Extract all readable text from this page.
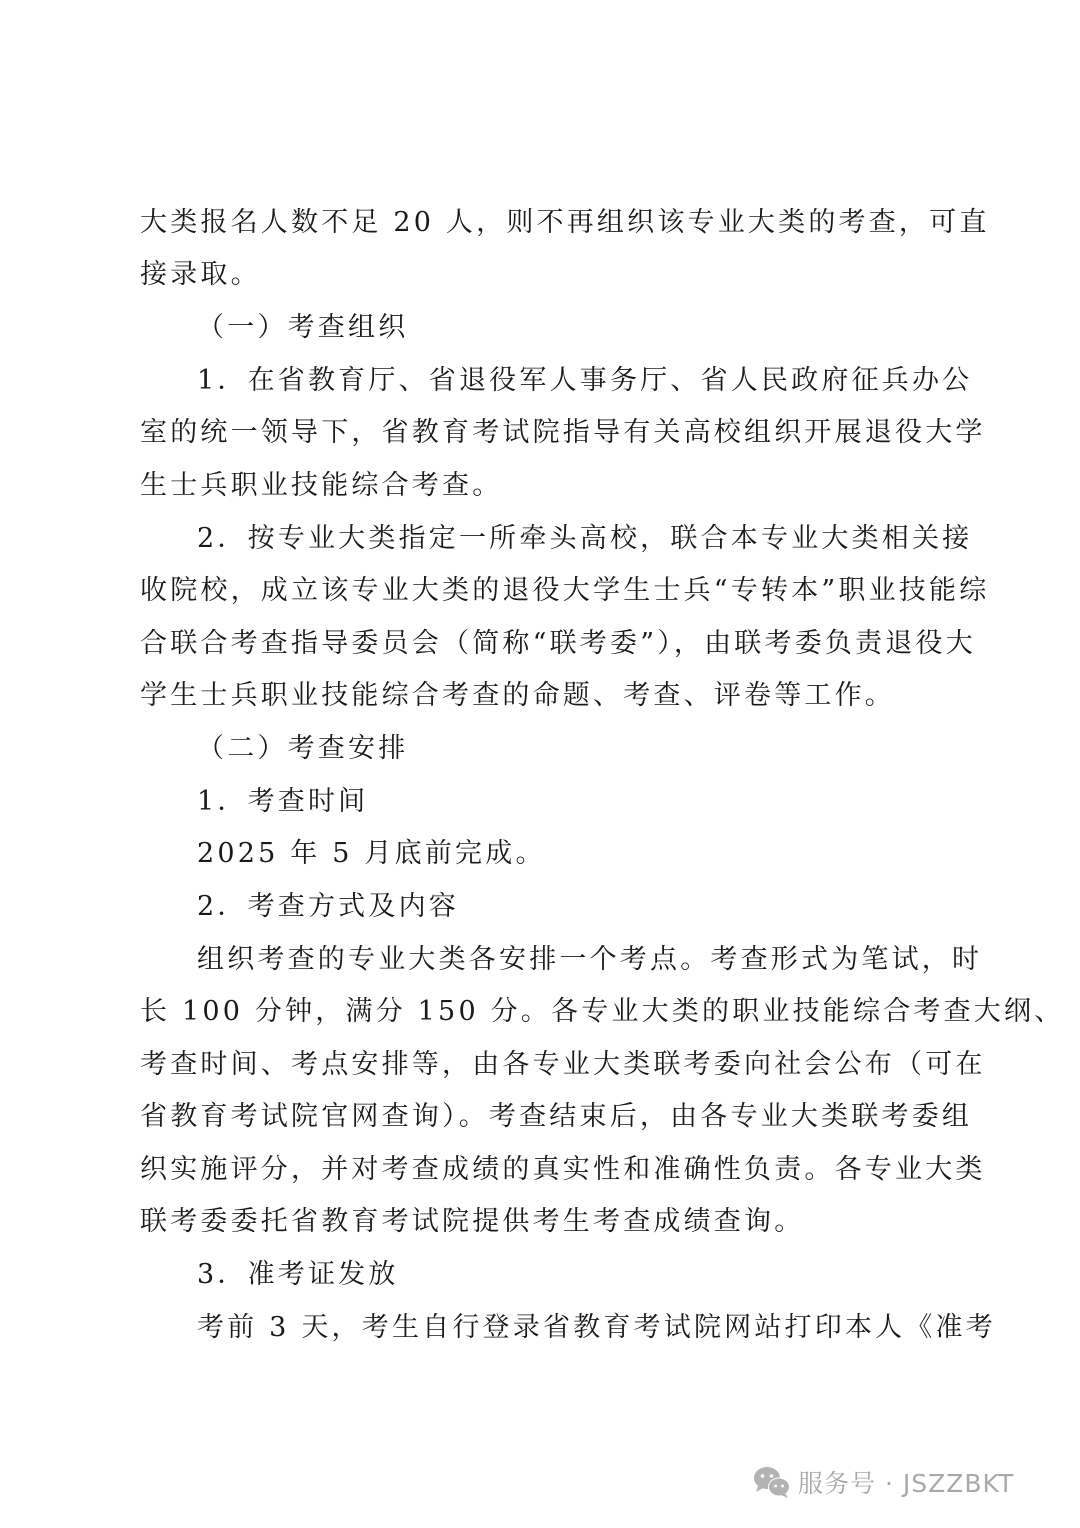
大类报名人数不足 20 人，则不再组织该专业大类的考查，可直
接录取。
（一）考查组织
1．在省教育厅、省退役军人事务厅、省人民政府征兵办公
室的统一领导下，省教育考试院指导有关高校组织开展退役大学
生士兵职业技能综合考查。
2．按专业大类指定一所牵头高校，联合本专业大类相关接
收院校，成立该专业大类的退役大学生士兵“专转本”职业技能综
合联合考查指导委员会（简称“联考委”），由联考委负责退役大
学生士兵职业技能综合考查的命题、考查、评卷等工作。
（二）考查安排
1．考查时间
2025 年 5 月底前完成。
2．考查方式及内容
组织考查的专业大类各安排一个考点。考查形式为笔试，时
长 100 分钟，满分 150 分。各专业大类的职业技能综合考查大纲、
考查时间、考点安排等，由各专业大类联考委向社会公布（可在
省教育考试院官网查询）。考查结束后，由各专业大类联考委组
织实施评分，并对考查成绩的真实性和准确性负责。各专业大类
联考委委托省教育考试院提供考生考查成绩查询。
3．准考证发放
考前 3 天，考生自行登录省教育考试院网站打印本人《准考
服务号 · JSZZBKT
